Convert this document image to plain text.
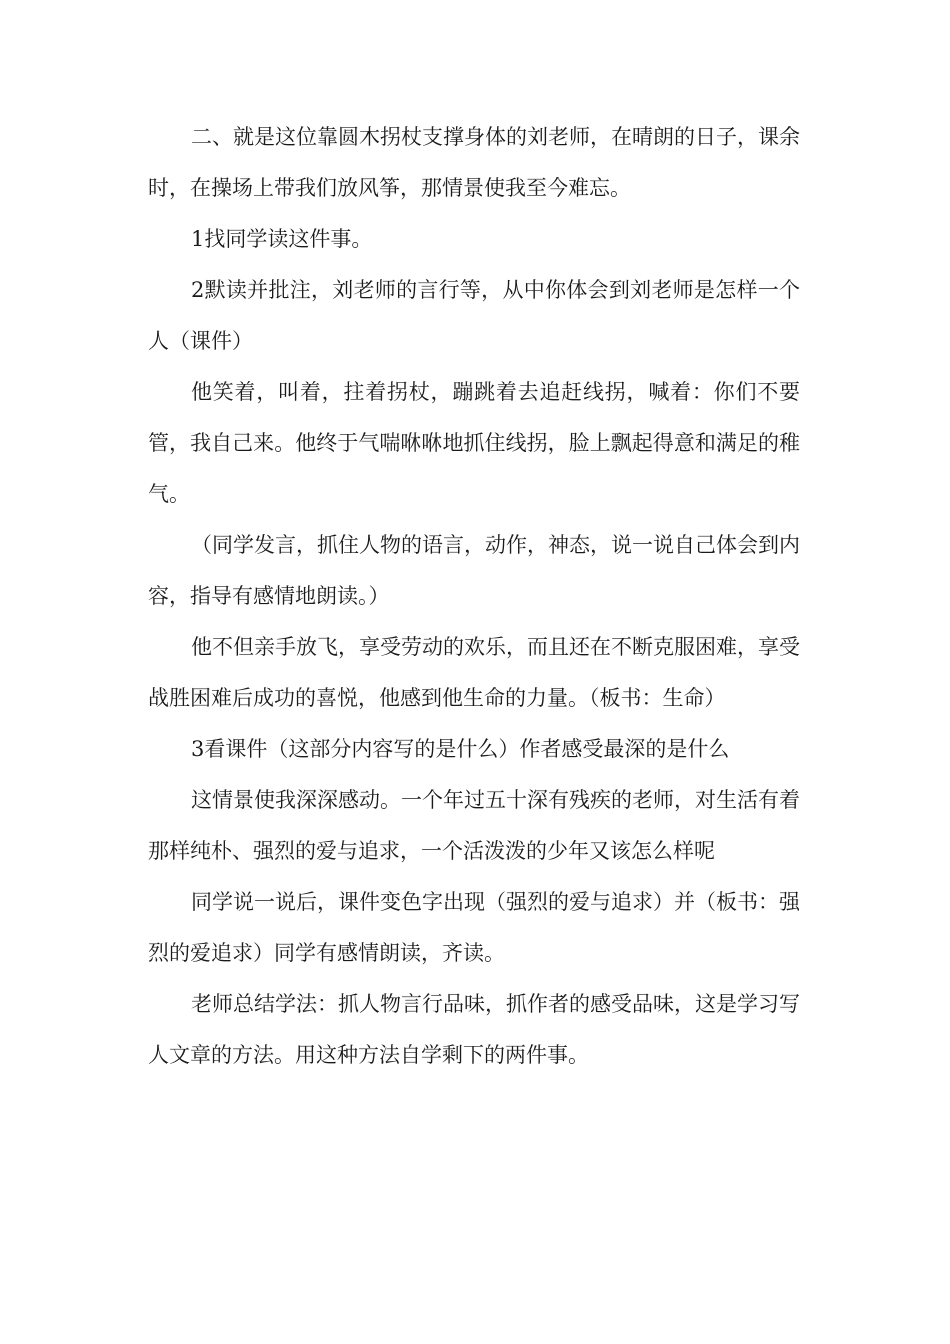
二、就是这位靠圆木拐杖支撑身体的刘老师，在晴朗的日子，课余时，在操场上带我们放风筝，那情景使我至今难忘。

1找同学读这件事。

2默读并批注，刘老师的言行等，从中你体会到刘老师是怎样一个人（课件）

他笑着，叫着，拄着拐杖，蹦跳着去追赶线拐，喊着：你们不要管，我自己来。他终于气喘咻咻地抓住线拐，脸上飘起得意和满足的稚气。

（同学发言，抓住人物的语言，动作，神态，说一说自己体会到内容，指导有感情地朗读。）

他不但亲手放飞，享受劳动的欢乐，而且还在不断克服困难，享受战胜困难后成功的喜悦，他感到他生命的力量。（板书：生命）

3看课件（这部分内容写的是什么）作者感受最深的是什么

这情景使我深深感动。一个年过五十深有残疾的老师，对生活有着那样纯朴、强烈的爱与追求，一个活泼泼的少年又该怎么样呢

同学说一说后，课件变色字出现（强烈的爱与追求）并（板书：强烈的爱追求）同学有感情朗读，齐读。

老师总结学法：抓人物言行品味，抓作者的感受品味，这是学习写人文章的方法。用这种方法自学剩下的两件事。
